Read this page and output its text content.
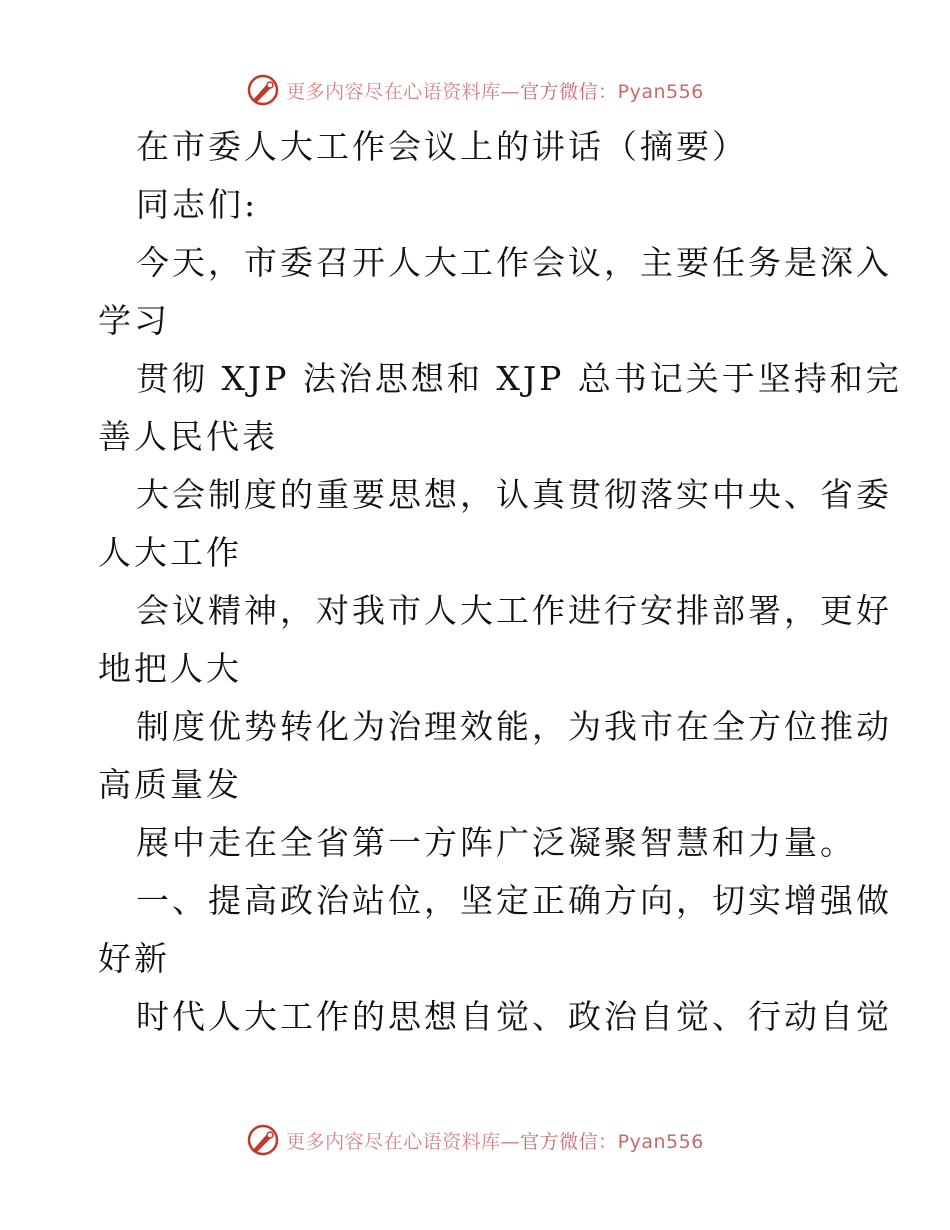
更多内容尽在心语资料库—官方微信：Pyan556
在市委人大工作会议上的讲话（摘要）
同志们:
今天，市委召开人大工作会议，主要任务是深入
学习
贯彻 XJP 法治思想和 XJP 总书记关于坚持和完
善人民代表
大会制度的重要思想，认真贯彻落实中央、省委
人大工作
会议精神，对我市人大工作进行安排部署，更好
地把人大
制度优势转化为治理效能，为我市在全方位推动
高质量发
展中走在全省第一方阵广泛凝聚智慧和力量。
一、提高政治站位，坚定正确方向，切实增强做
好新
时代人大工作的思想自觉、政治自觉、行动自觉
更多内容尽在心语资料库—官方微信：Pyan556
